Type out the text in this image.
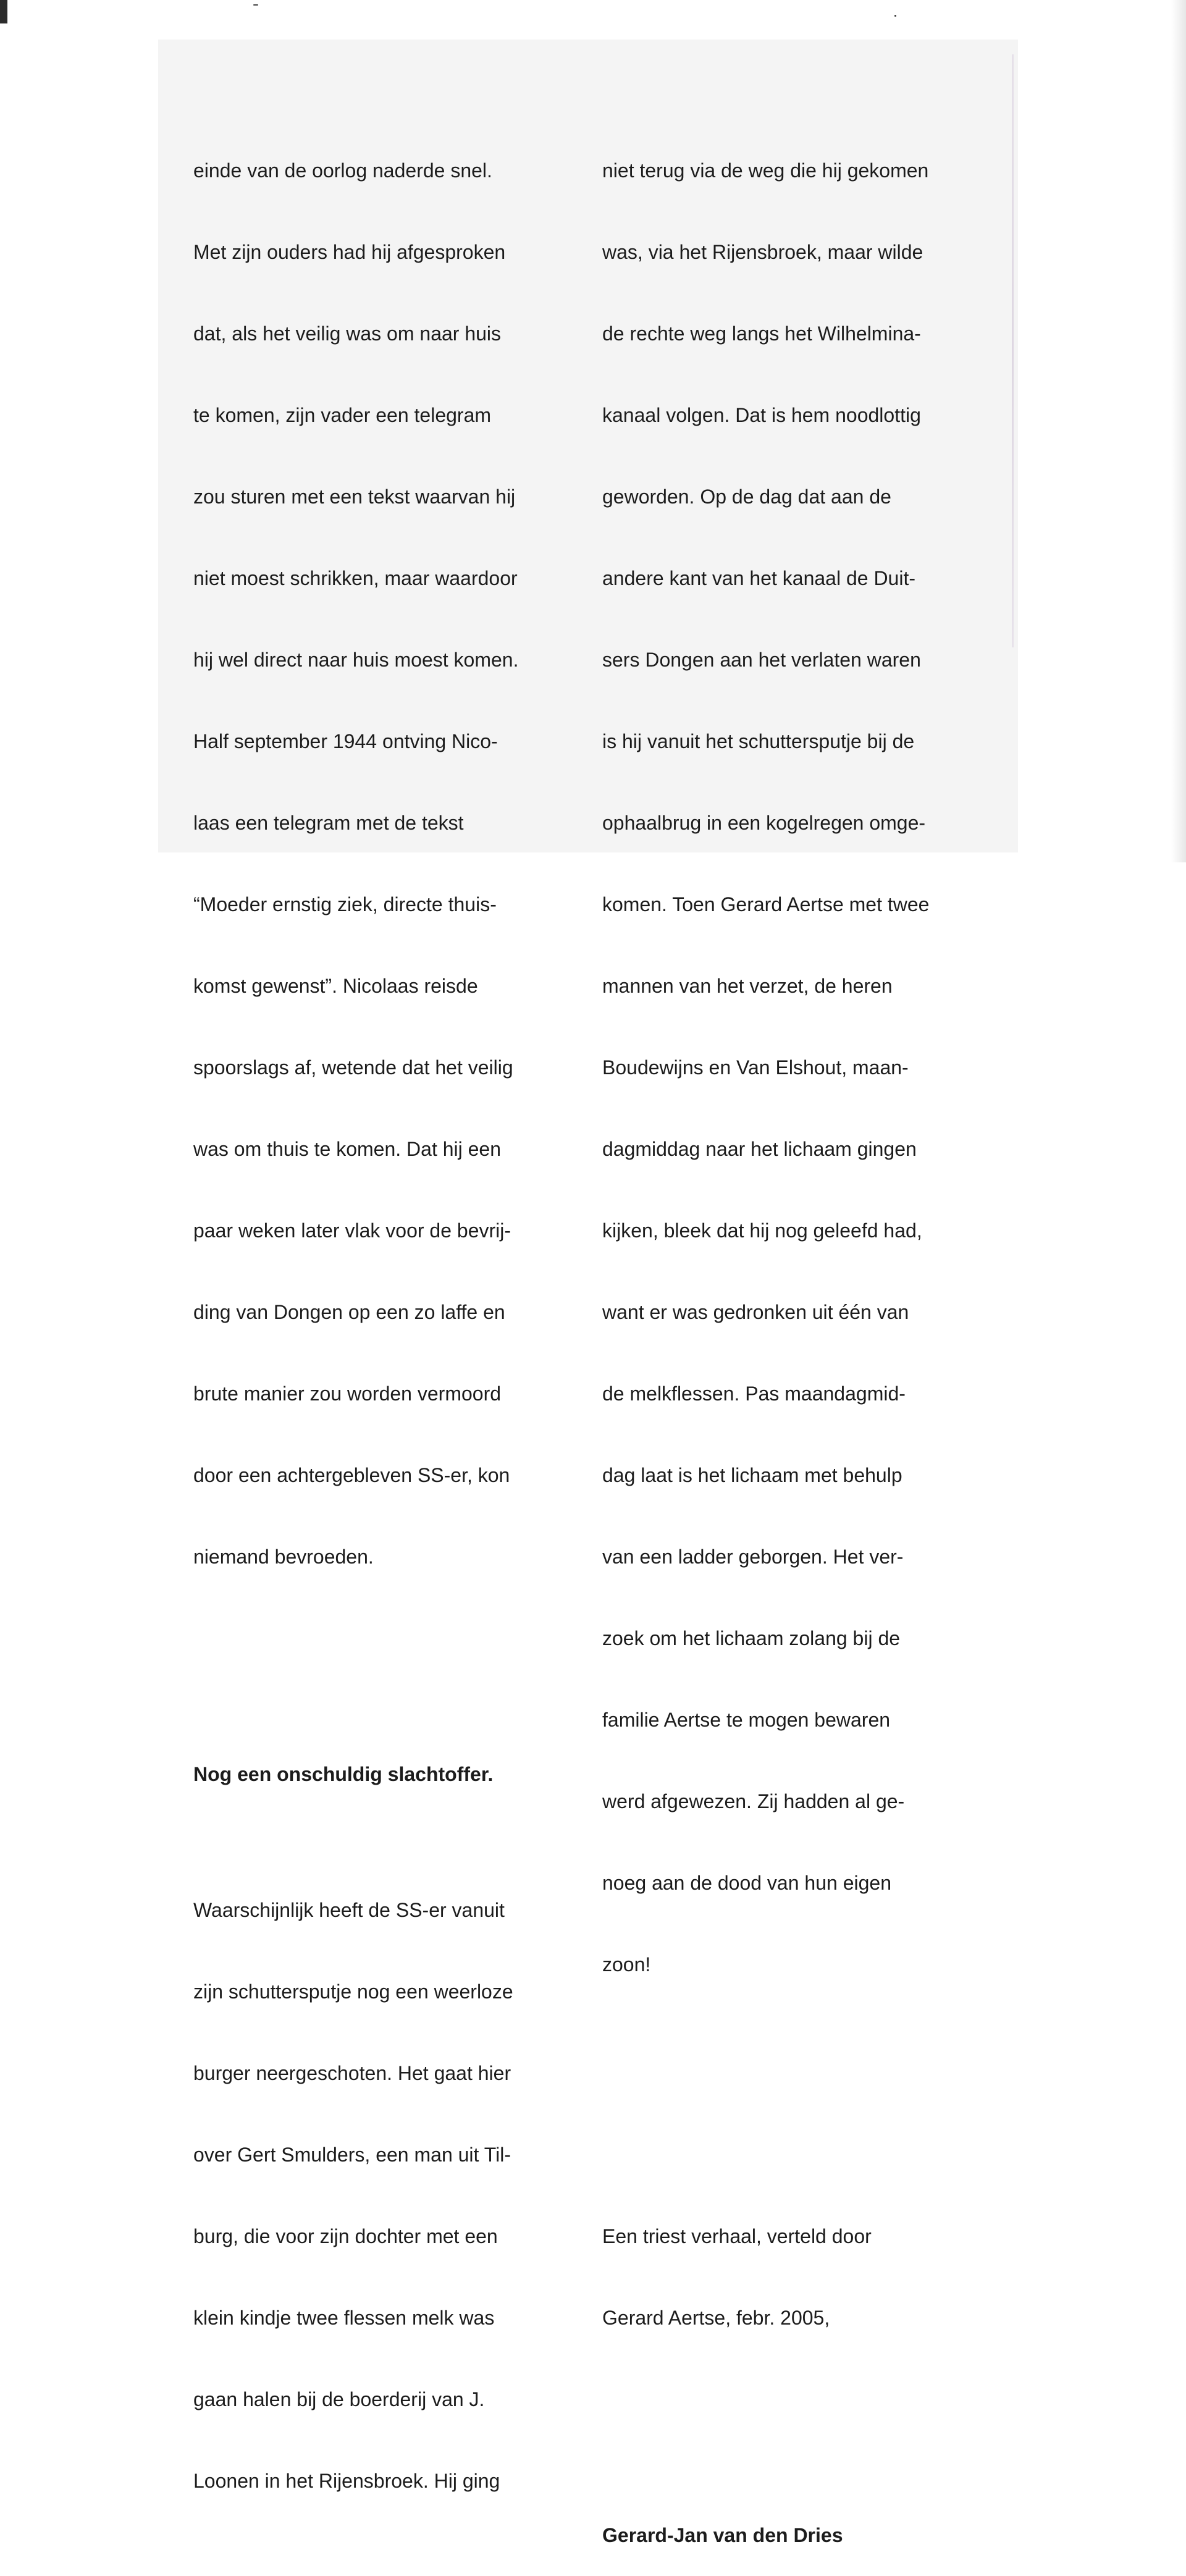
einde van de oorlog naderde snel.

Met zijn ouders had hij afgesproken

dat, als het veilig was om naar huis

te komen, zijn vader een telegram

zou sturen met een tekst waarvan hij

niet moest schrikken, maar waardoor

hij wel direct naar huis moest komen.

Half september 1944 ontving Nico-

laas een telegram met de tekst

“Moeder ernstig ziek, directe thuis-

komst gewenst”. Nicolaas reisde

spoorslags af, wetende dat het veilig

was om thuis te komen. Dat hij een

paar weken later vlak voor de bevrij-

ding van Dongen op een zo laffe en

brute manier zou worden vermoord

door een achtergebleven SS-er, kon

niemand bevroeden.

Nog een onschuldig slachtoffer.

Waarschijnlijk heeft de SS-er vanuit

zijn schuttersputje nog een weerloze

burger neergeschoten. Het gaat hier

over Gert Smulders, een man uit Til-

burg, die voor zijn dochter met een

klein kindje twee flessen melk was

gaan halen bij de boerderij van J.

Loonen in het Rijensbroek. Hij ging

niet terug via de weg die hij gekomen

was, via het Rijensbroek, maar wilde

de rechte weg langs het Wilhelmina-

kanaal volgen. Dat is hem noodlottig

geworden. Op de dag dat aan de

andere kant van het kanaal de Duit-

sers Dongen aan het verlaten waren

is hij vanuit het schuttersputje bij de

ophaalbrug in een kogelregen omge-

komen. Toen Gerard Aertse met twee

mannen van het verzet, de heren

Boudewijns en Van Elshout, maan-

dagmiddag naar het lichaam gingen

kijken, bleek dat hij nog geleefd had,

want er was gedronken uit één van

de melkflessen. Pas maandagmid-

dag laat is het lichaam met behulp

van een ladder geborgen. Het ver-

zoek om het lichaam zolang bij de

familie Aertse te mogen bewaren

werd afgewezen. Zij hadden al ge-

noeg aan de dood van hun eigen

zoon!

Een triest verhaal, verteld door

Gerard Aertse, febr. 2005,

Gerard-Jan van den Dries
